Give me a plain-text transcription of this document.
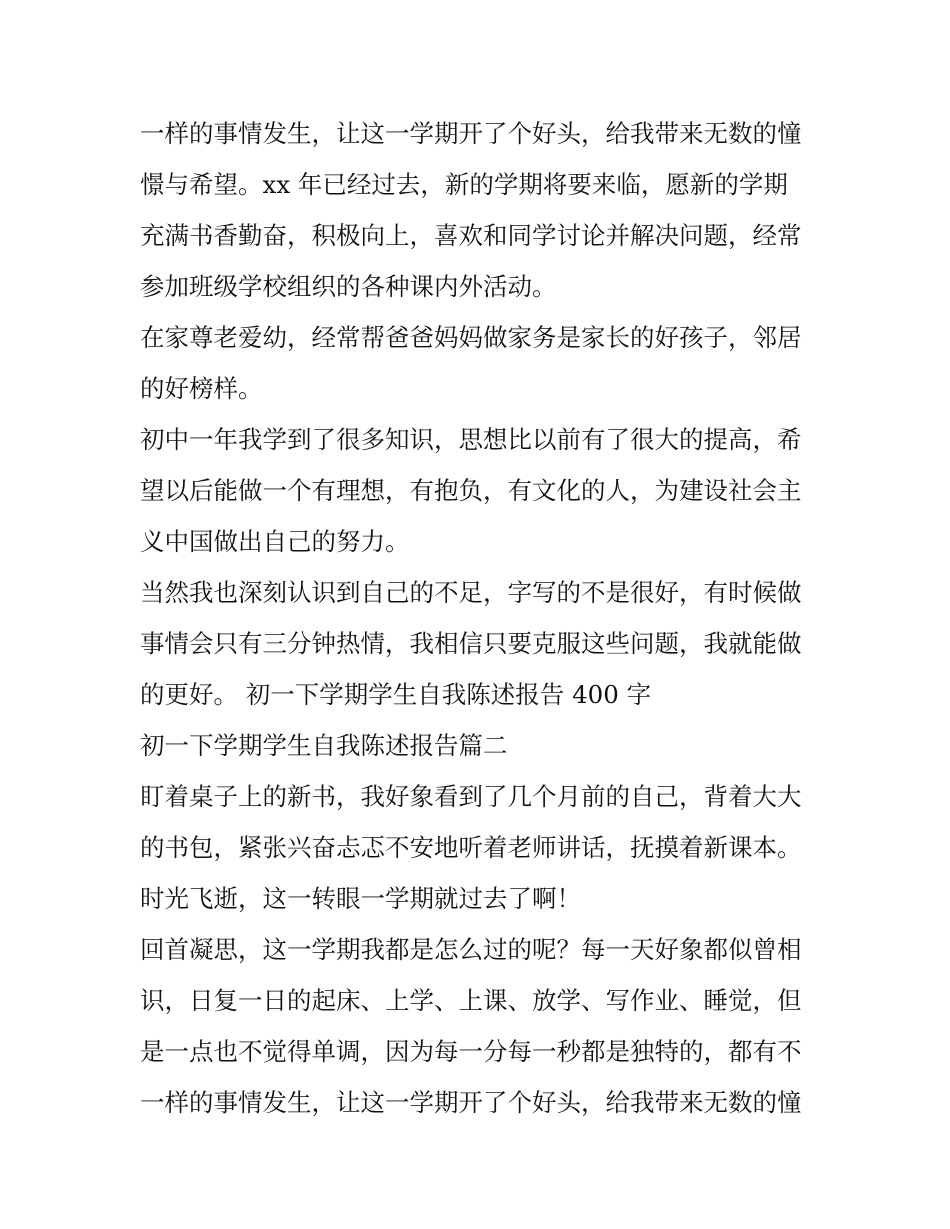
一样的事情发生，让这一学期开了个好头，给我带来无数的憧
憬与希望。xx 年已经过去，新的学期将要来临，愿新的学期
充满书香勤奋，积极向上，喜欢和同学讨论并解决问题，经常
参加班级学校组织的各种课内外活动。
在家尊老爱幼，经常帮爸爸妈妈做家务是家长的好孩子，邻居
的好榜样。
初中一年我学到了很多知识，思想比以前有了很大的提高，希
望以后能做一个有理想，有抱负，有文化的人，为建设社会主
义中国做出自己的努力。
当然我也深刻认识到自己的不足，字写的不是很好，有时候做
事情会只有三分钟热情，我相信只要克服这些问题，我就能做
的更好。 初一下学期学生自我陈述报告 400 字
初一下学期学生自我陈述报告篇二
盯着桌子上的新书，我好象看到了几个月前的自己，背着大大
的书包，紧张兴奋忐忑不安地听着老师讲话，抚摸着新课本。
时光飞逝，这一转眼一学期就过去了啊！
回首凝思，这一学期我都是怎么过的呢？每一天好象都似曾相
识，日复一日的起床、上学、上课、放学、写作业、睡觉，但
是一点也不觉得单调，因为每一分每一秒都是独特的，都有不
一样的事情发生，让这一学期开了个好头，给我带来无数的憧
